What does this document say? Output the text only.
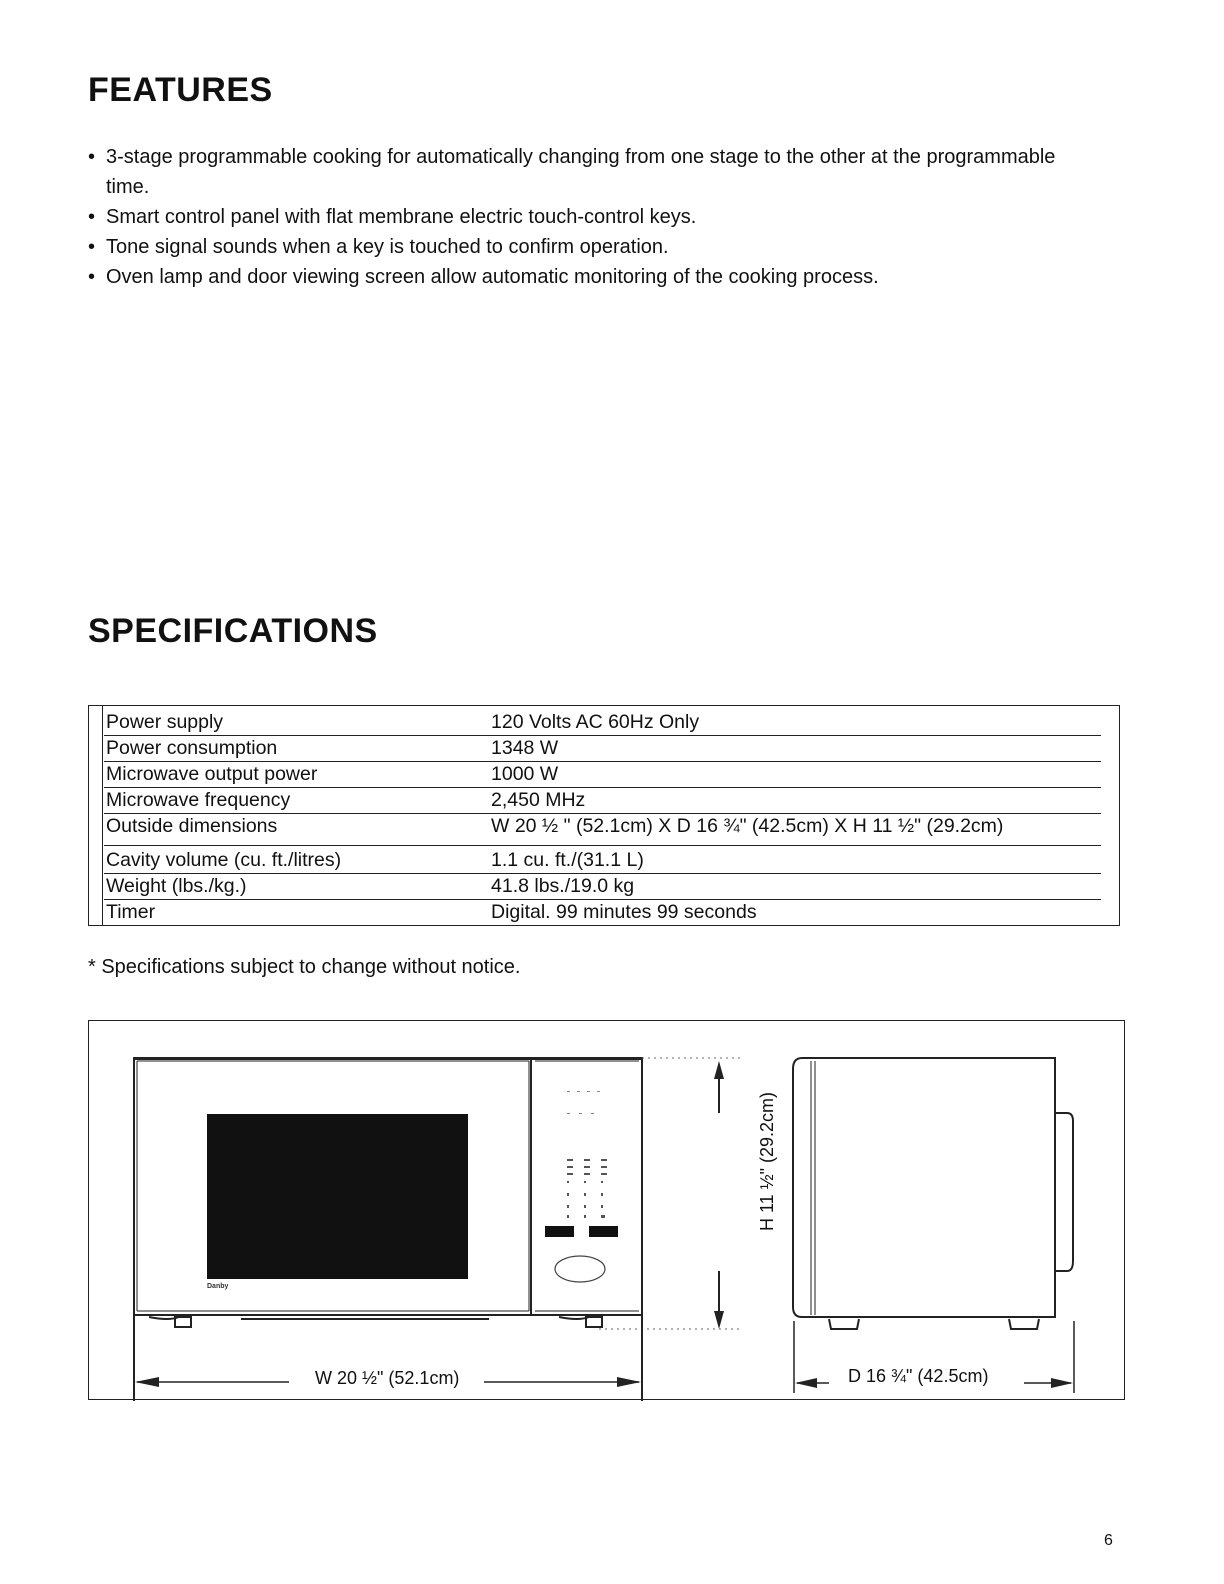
FEATURES
• 3-stage programmable cooking for automatically changing from one stage to the other at the programmable time.
• Smart control panel with flat membrane electric touch-control keys.
• Tone signal sounds when a key is touched to confirm operation.
• Oven lamp and door viewing screen allow automatic monitoring of the cooking process.
SPECIFICATIONS
Power supply	120 Volts AC 60Hz Only
Power consumption	1348 W
Microwave output power	1000 W
Microwave frequency	2,450 MHz
Outside dimensions	W 20 ½ " (52.1cm) X D 16 ¾" (42.5cm) X H 11 ½" (29.2cm)
Cavity volume (cu. ft./litres)	1.1 cu. ft./(31.1 L)
Weight (lbs./kg.)	41.8 lbs./19.0 kg
Timer	Digital. 99 minutes 99 seconds
* Specifications subject to change without notice.
Danby
W 20 ½" (52.1cm)
H 11 ½" (29.2cm)
D 16 ¾" (42.5cm)
6
